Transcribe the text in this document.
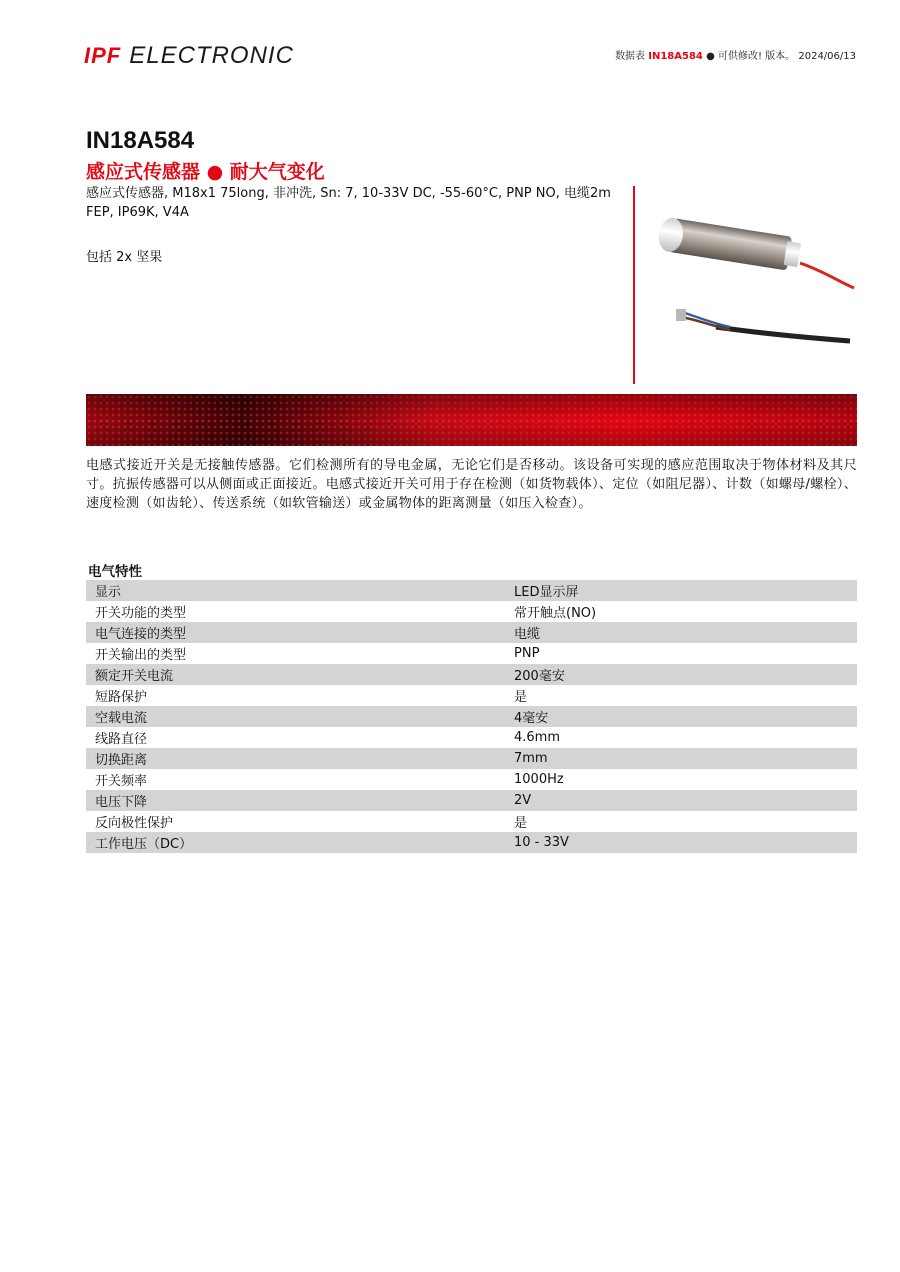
IPF ELECTRONIC	数据表 IN18A584 ● 可供修改! 版本。 2024/06/13
IN18A584
感应式传感器 ● 耐大气变化
感应式传感器, M18x1 75long, 非冲洗, Sn: 7, 10-33V DC, -55-60°C, PNP NO, 电缆2m FEP, IP69K, V4A
包括 2x 坚果
电感式接近开关是无接触传感器。它们检测所有的导电金属，无论它们是否移动。该设备可实现的感应范围取决于物体材料及其尺寸。抗振传感器可以从侧面或正面接近。电感式接近开关可用于存在检测（如货物载体）、定位（如阻尼器）、计数（如螺母/螺栓）、速度检测（如齿轮）、传送系统（如软管输送）或金属物体的距离测量（如压入检查）。
电气特性
显示	LED显示屏
开关功能的类型	常开触点(NO)
电气连接的类型	电缆
开关输出的类型	PNP
额定开关电流	200毫安
短路保护	是
空载电流	4毫安
线路直径	4.6mm
切换距离	7mm
开关频率	1000Hz
电压下降	2V
反向极性保护	是
工作电压（DC）	10 - 33V
